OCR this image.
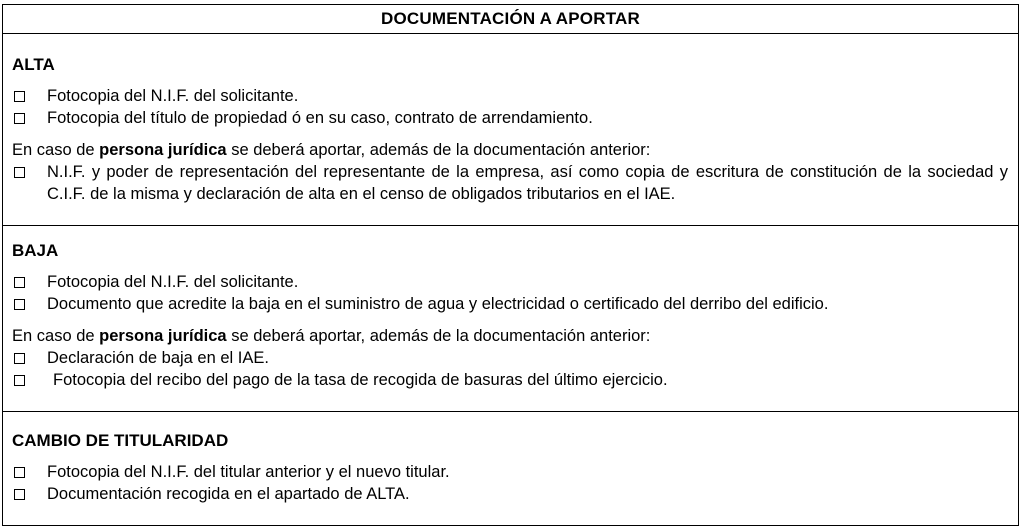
DOCUMENTACIÓN A APORTAR
ALTA
Fotocopia del N.I.F. del solicitante.
Fotocopia del título de propiedad ó en su caso, contrato de arrendamiento.
En caso de persona jurídica se deberá aportar, además de la documentación anterior:
N.I.F. y poder de representación del representante de la empresa, así como copia de escritura de constitución de la sociedad y C.I.F. de la misma y declaración de alta en el censo de obligados tributarios en el IAE.
BAJA
Fotocopia del N.I.F. del solicitante.
Documento que acredite la baja en el suministro de agua y electricidad o certificado del derribo del edificio.
En caso de persona jurídica se deberá aportar, además de la documentación anterior:
Declaración de baja en el IAE.
Fotocopia del recibo del pago de la tasa de recogida de basuras del último ejercicio.
CAMBIO DE TITULARIDAD
Fotocopia del N.I.F. del titular anterior y el nuevo titular.
Documentación recogida en el apartado de ALTA.
